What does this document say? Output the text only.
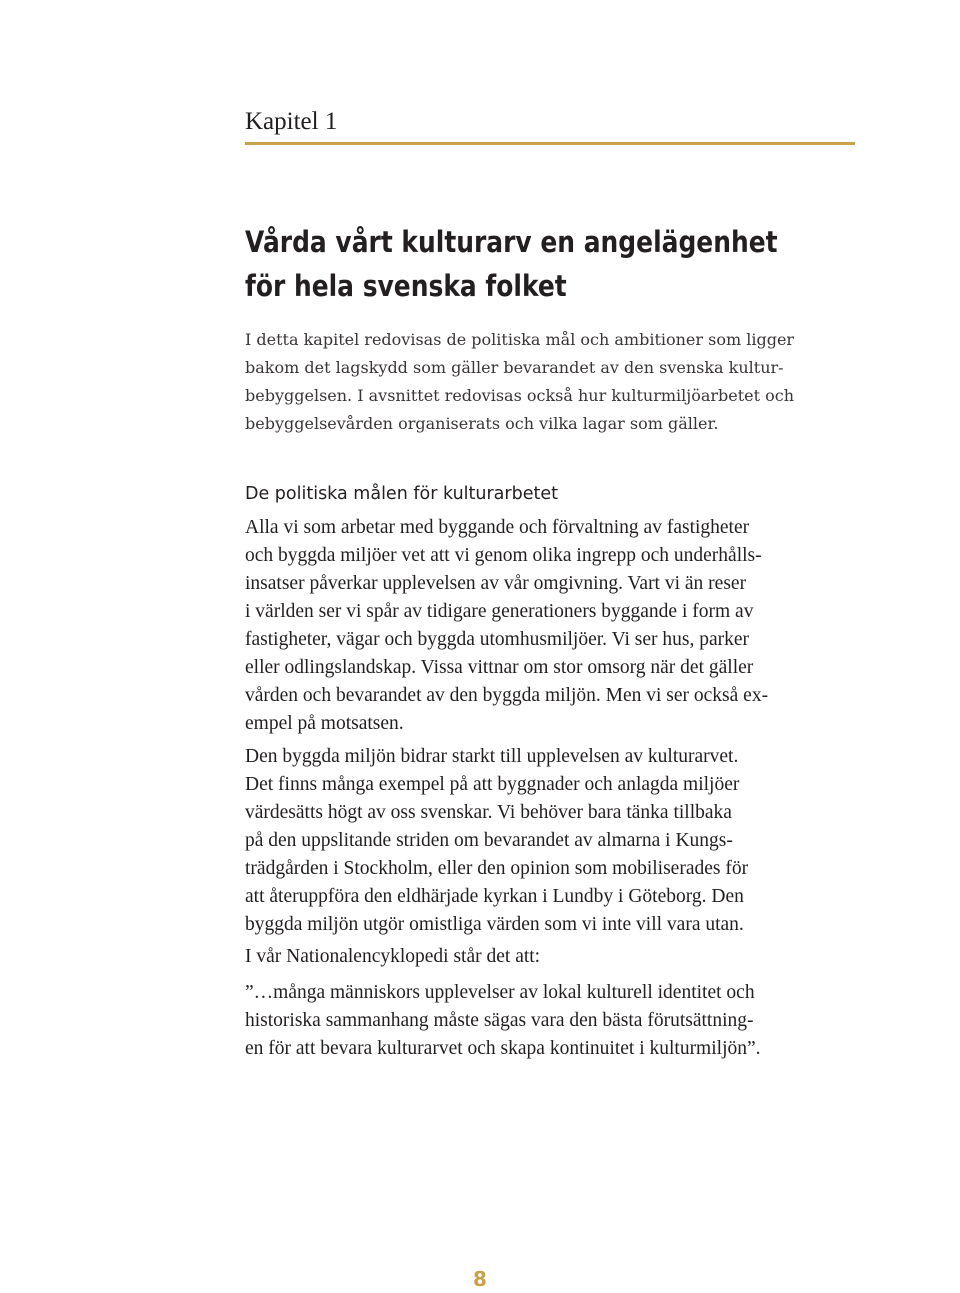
Kapitel 1
Vårda vårt kulturarv en angelägenhet
för hela svenska folket
I detta kapitel redovisas de politiska mål och ambitioner som ligger
bakom det lagskydd som gäller bevarandet av den svenska kultur-
bebyggelsen. I avsnittet redovisas också hur kulturmiljöarbetet och
bebyggelsevården organiserats och vilka lagar som gäller.
De politiska målen för kulturarbetet
Alla vi som arbetar med byggande och förvaltning av fastigheter
och byggda miljöer vet att vi genom olika ingrepp och underhålls-
insatser påverkar upplevelsen av vår omgivning. Vart vi än reser
i världen ser vi spår av tidigare generationers byggande i form av
fastigheter, vägar och byggda utomhusmiljöer. Vi ser hus, parker
eller odlingslandskap. Vissa vittnar om stor omsorg när det gäller
vården och bevarandet av den byggda miljön. Men vi ser också ex-
empel på motsatsen.
Den byggda miljön bidrar starkt till upplevelsen av kulturarvet.
Det finns många exempel på att byggnader och anlagda miljöer
värdesätts högt av oss svenskar. Vi behöver bara tänka tillbaka
på den uppslitande striden om bevarandet av almarna i Kungs-
trädgården i Stockholm, eller den opinion som mobiliserades för
att återuppföra den eldhärjade kyrkan i Lundby i Göteborg. Den
byggda miljön utgör omistliga värden som vi inte vill vara utan.
I vår Nationalencyklopedi står det att:
”…många människors upplevelser av lokal kulturell identitet och
historiska sammanhang måste sägas vara den bästa förutsättning-
en för att bevara kulturarvet och skapa kontinuitet i kulturmiljön”.
8
